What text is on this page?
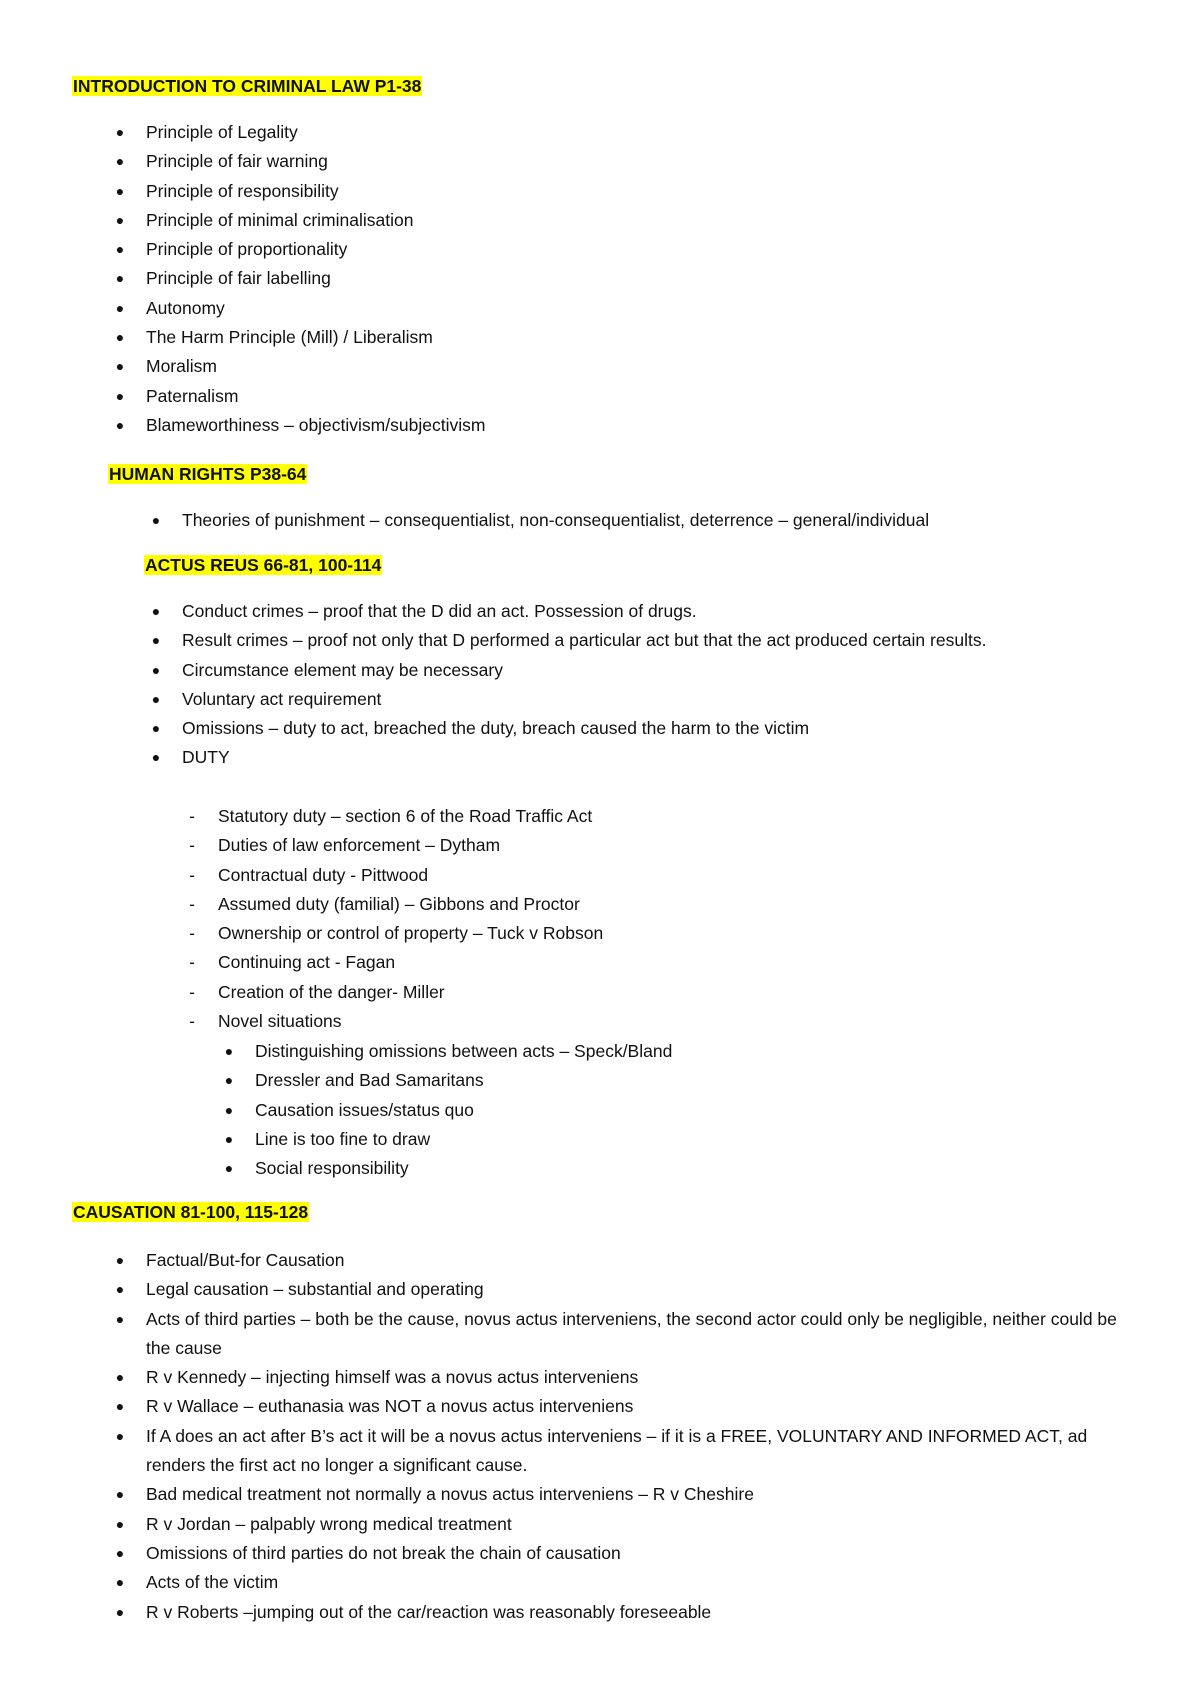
INTRODUCTION TO CRIMINAL LAW P1-38
●	Principle of Legality
●	Principle of fair warning
●	Principle of responsibility
●	Principle of minimal criminalisation
●	Principle of proportionality
●	Principle of fair labelling
●	Autonomy
●	The Harm Principle (Mill) / Liberalism
●	Moralism
●	Paternalism
●	Blameworthiness – objectivism/subjectivism
HUMAN RIGHTS P38-64
●	Theories of punishment – consequentialist, non-consequentialist, deterrence – general/individual
ACTUS REUS 66-81, 100-114
●	Conduct crimes – proof that the D did an act. Possession of drugs.
●	Result crimes – proof not only that D performed a particular act but that the act produced certain results.
●	Circumstance element may be necessary
●	Voluntary act requirement
●	Omissions – duty to act, breached the duty, breach caused the harm to the victim
●	DUTY
-	Statutory duty – section 6 of the Road Traffic Act
-	Duties of law enforcement – Dytham
-	Contractual duty - Pittwood
-	Assumed duty (familial) – Gibbons and Proctor
-	Ownership or control of property – Tuck v Robson
-	Continuing act - Fagan
-	Creation of the danger- Miller
-	Novel situations
●	Distinguishing omissions between acts – Speck/Bland
●	Dressler and Bad Samaritans
●	Causation issues/status quo
●	Line is too fine to draw
●	Social responsibility
CAUSATION 81-100, 115-128
●	Factual/But-for Causation
●	Legal causation – substantial and operating
●	Acts of third parties – both be the cause, novus actus interveniens, the second actor could only be negligible, neither could be the cause
●	R v Kennedy – injecting himself was a novus actus interveniens
●	R v Wallace – euthanasia was NOT a novus actus interveniens
●	If A does an act after B’s act it will be a novus actus interveniens – if it is a FREE, VOLUNTARY AND INFORMED ACT, ad renders the first act no longer a significant cause.
●	Bad medical treatment not normally a novus actus interveniens – R v Cheshire
●	R v Jordan – palpably wrong medical treatment
●	Omissions of third parties do not break the chain of causation
●	Acts of the victim
●	R v Roberts –jumping out of the car/reaction was reasonably foreseeable
